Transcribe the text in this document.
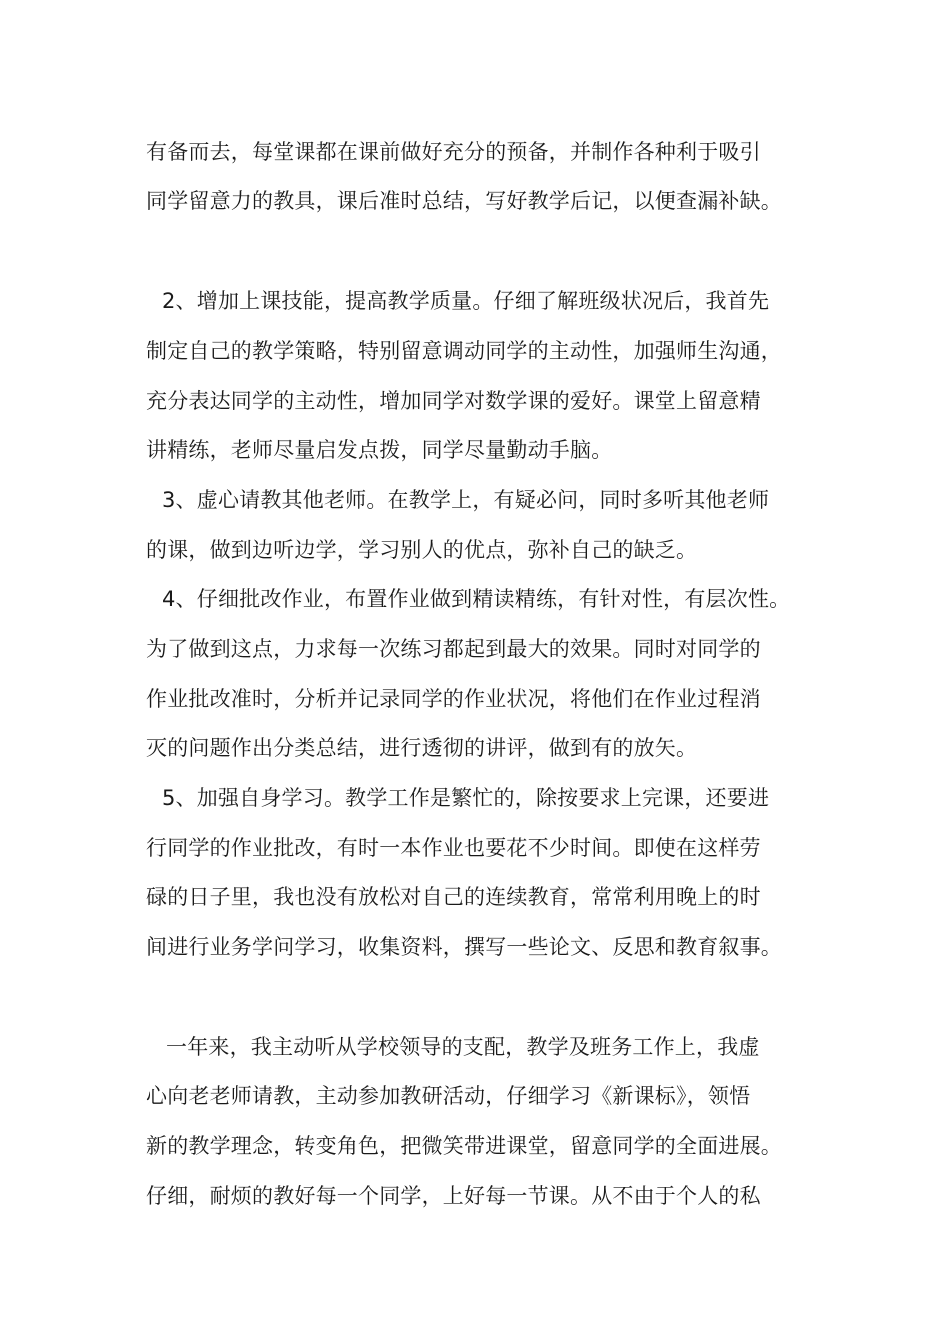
有备而去，每堂课都在课前做好充分的预备，并制作各种利于吸引
同学留意力的教具，课后准时总结，写好教学后记，以便查漏补缺。
2、增加上课技能，提高教学质量。仔细了解班级状况后，我首先
制定自己的教学策略，特别留意调动同学的主动性，加强师生沟通，
充分表达同学的主动性，增加同学对数学课的爱好。课堂上留意精
讲精练，老师尽量启发点拨，同学尽量勤动手脑。
3、虚心请教其他老师。在教学上，有疑必问，同时多听其他老师
的课，做到边听边学，学习别人的优点，弥补自己的缺乏。
4、仔细批改作业，布置作业做到精读精练，有针对性，有层次性。
为了做到这点，力求每一次练习都起到最大的效果。同时对同学的
作业批改准时，分析并记录同学的作业状况，将他们在作业过程消
灭的问题作出分类总结，进行透彻的讲评，做到有的放矢。
5、加强自身学习。教学工作是繁忙的，除按要求上完课，还要进
行同学的作业批改，有时一本作业也要花不少时间。即使在这样劳
碌的日子里，我也没有放松对自己的连续教育，常常利用晚上的时
间进行业务学问学习，收集资料，撰写一些论文、反思和教育叙事。
一年来，我主动听从学校领导的支配，教学及班务工作上，我虚
心向老老师请教，主动参加教研活动，仔细学习《新课标》，领悟
新的教学理念，转变角色，把微笑带进课堂，留意同学的全面进展。
仔细，耐烦的教好每一个同学，上好每一节课。从不由于个人的私
